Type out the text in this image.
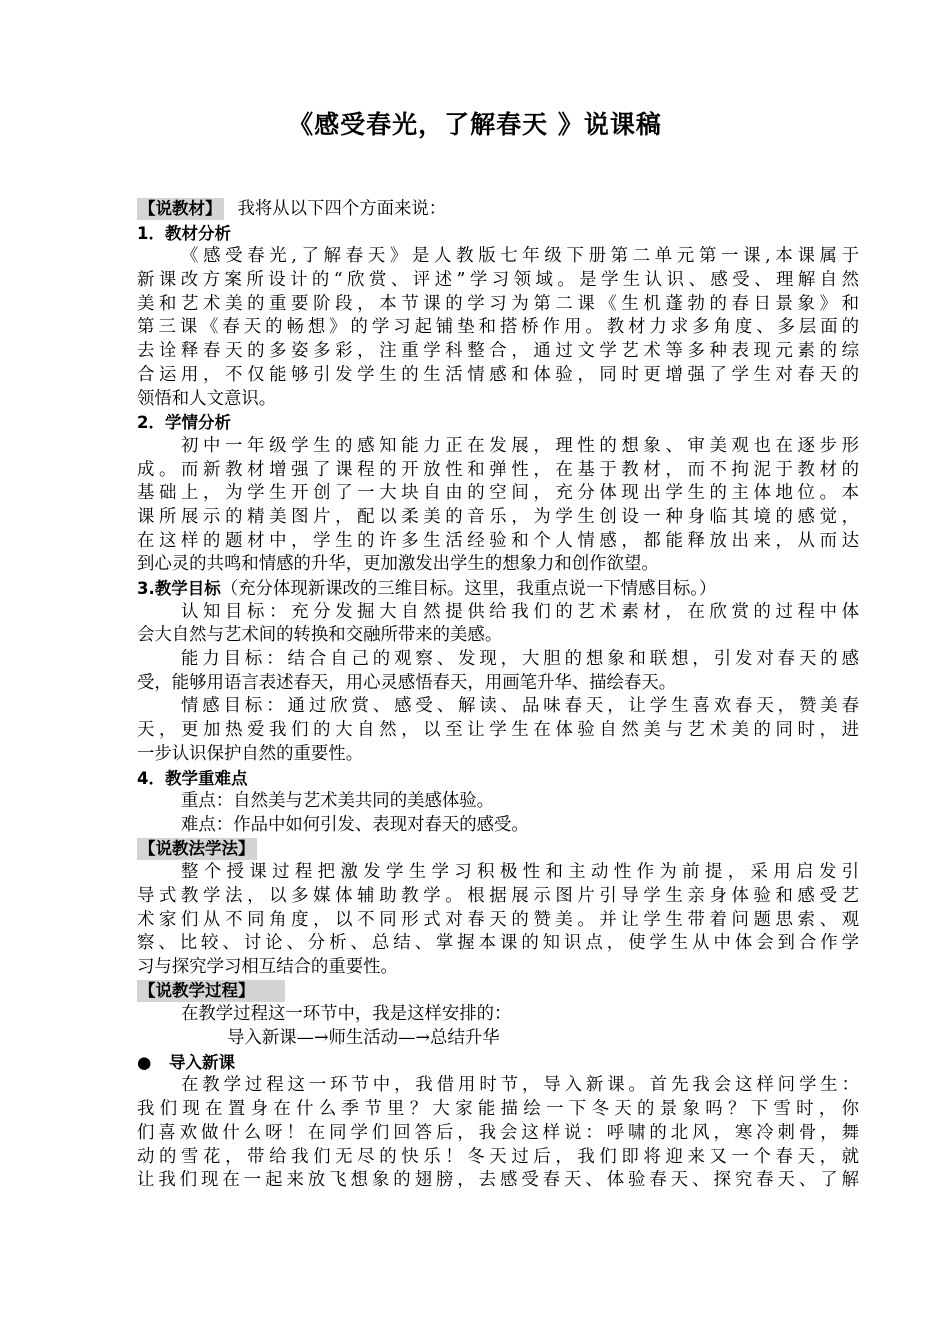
《感受春光，了解春天 》说课稿
【说教材】 我将从以下四个方面来说：
1．教材分析
《感受春光,了解春天》是人教版七年级下册第二单元第一课,本课属于
新课改方案所设计的“欣赏、评述”学习领域。是学生认识、感受、理解自然
美和艺术美的重要阶段，本节课的学习为第二课《生机蓬勃的春日景象》和
第三课《春天的畅想》的学习起铺垫和搭桥作用。教材力求多角度、多层面的
去诠释春天的多姿多彩，注重学科整合，通过文学艺术等多种表现元素的综
合运用，不仅能够引发学生的生活情感和体验，同时更增强了学生对春天的
领悟和人文意识。
2．学情分析
初中一年级学生的感知能力正在发展，理性的想象、审美观也在逐步形
成。而新教材增强了课程的开放性和弹性，在基于教材，而不拘泥于教材的
基础上，为学生开创了一大块自由的空间，充分体现出学生的主体地位。本
课所展示的精美图片，配以柔美的音乐，为学生创设一种身临其境的感觉，
在这样的题材中，学生的许多生活经验和个人情感，都能释放出来，从而达
到心灵的共鸣和情感的升华，更加激发出学生的想象力和创作欲望。
3.教学目标（充分体现新课改的三维目标。这里，我重点说一下情感目标。）
认知目标：充分发掘大自然提供给我们的艺术素材，在欣赏的过程中体
会大自然与艺术间的转换和交融所带来的美感。
能力目标：结合自己的观察、发现，大胆的想象和联想，引发对春天的感
受，能够用语言表述春天，用心灵感悟春天，用画笔升华、描绘春天。
情感目标：通过欣赏、感受、解读、品味春天，让学生喜欢春天，赞美春
天，更加热爱我们的大自然，以至让学生在体验自然美与艺术美的同时，进
一步认识保护自然的重要性。
4．教学重难点
重点：自然美与艺术美共同的美感体验。
难点：作品中如何引发、表现对春天的感受。
【说教法学法】
整个授课过程把激发学生学习积极性和主动性作为前提，采用启发引
导式教学法，以多媒体辅助教学。根据展示图片引导学生亲身体验和感受艺
术家们从不同角度，以不同形式对春天的赞美。并让学生带着问题思索、观
察、比较、讨论、分析、总结、掌握本课的知识点，使学生从中体会到合作学
习与探究学习相互结合的重要性。
【说教学过程】
在教学过程这一环节中，我是这样安排的：
导入新课—→师生活动—→总结升华
● 导入新课
在教学过程这一环节中，我借用时节，导入新课。首先我会这样问学生：
我们现在置身在什么季节里？大家能描绘一下冬天的景象吗？下雪时，你
们喜欢做什么呀！在同学们回答后，我会这样说：呼啸的北风，寒冷刺骨，舞
动的雪花，带给我们无尽的快乐！冬天过后，我们即将迎来又一个春天，就
让我们现在一起来放飞想象的翅膀，去感受春天、体验春天、探究春天、了解
